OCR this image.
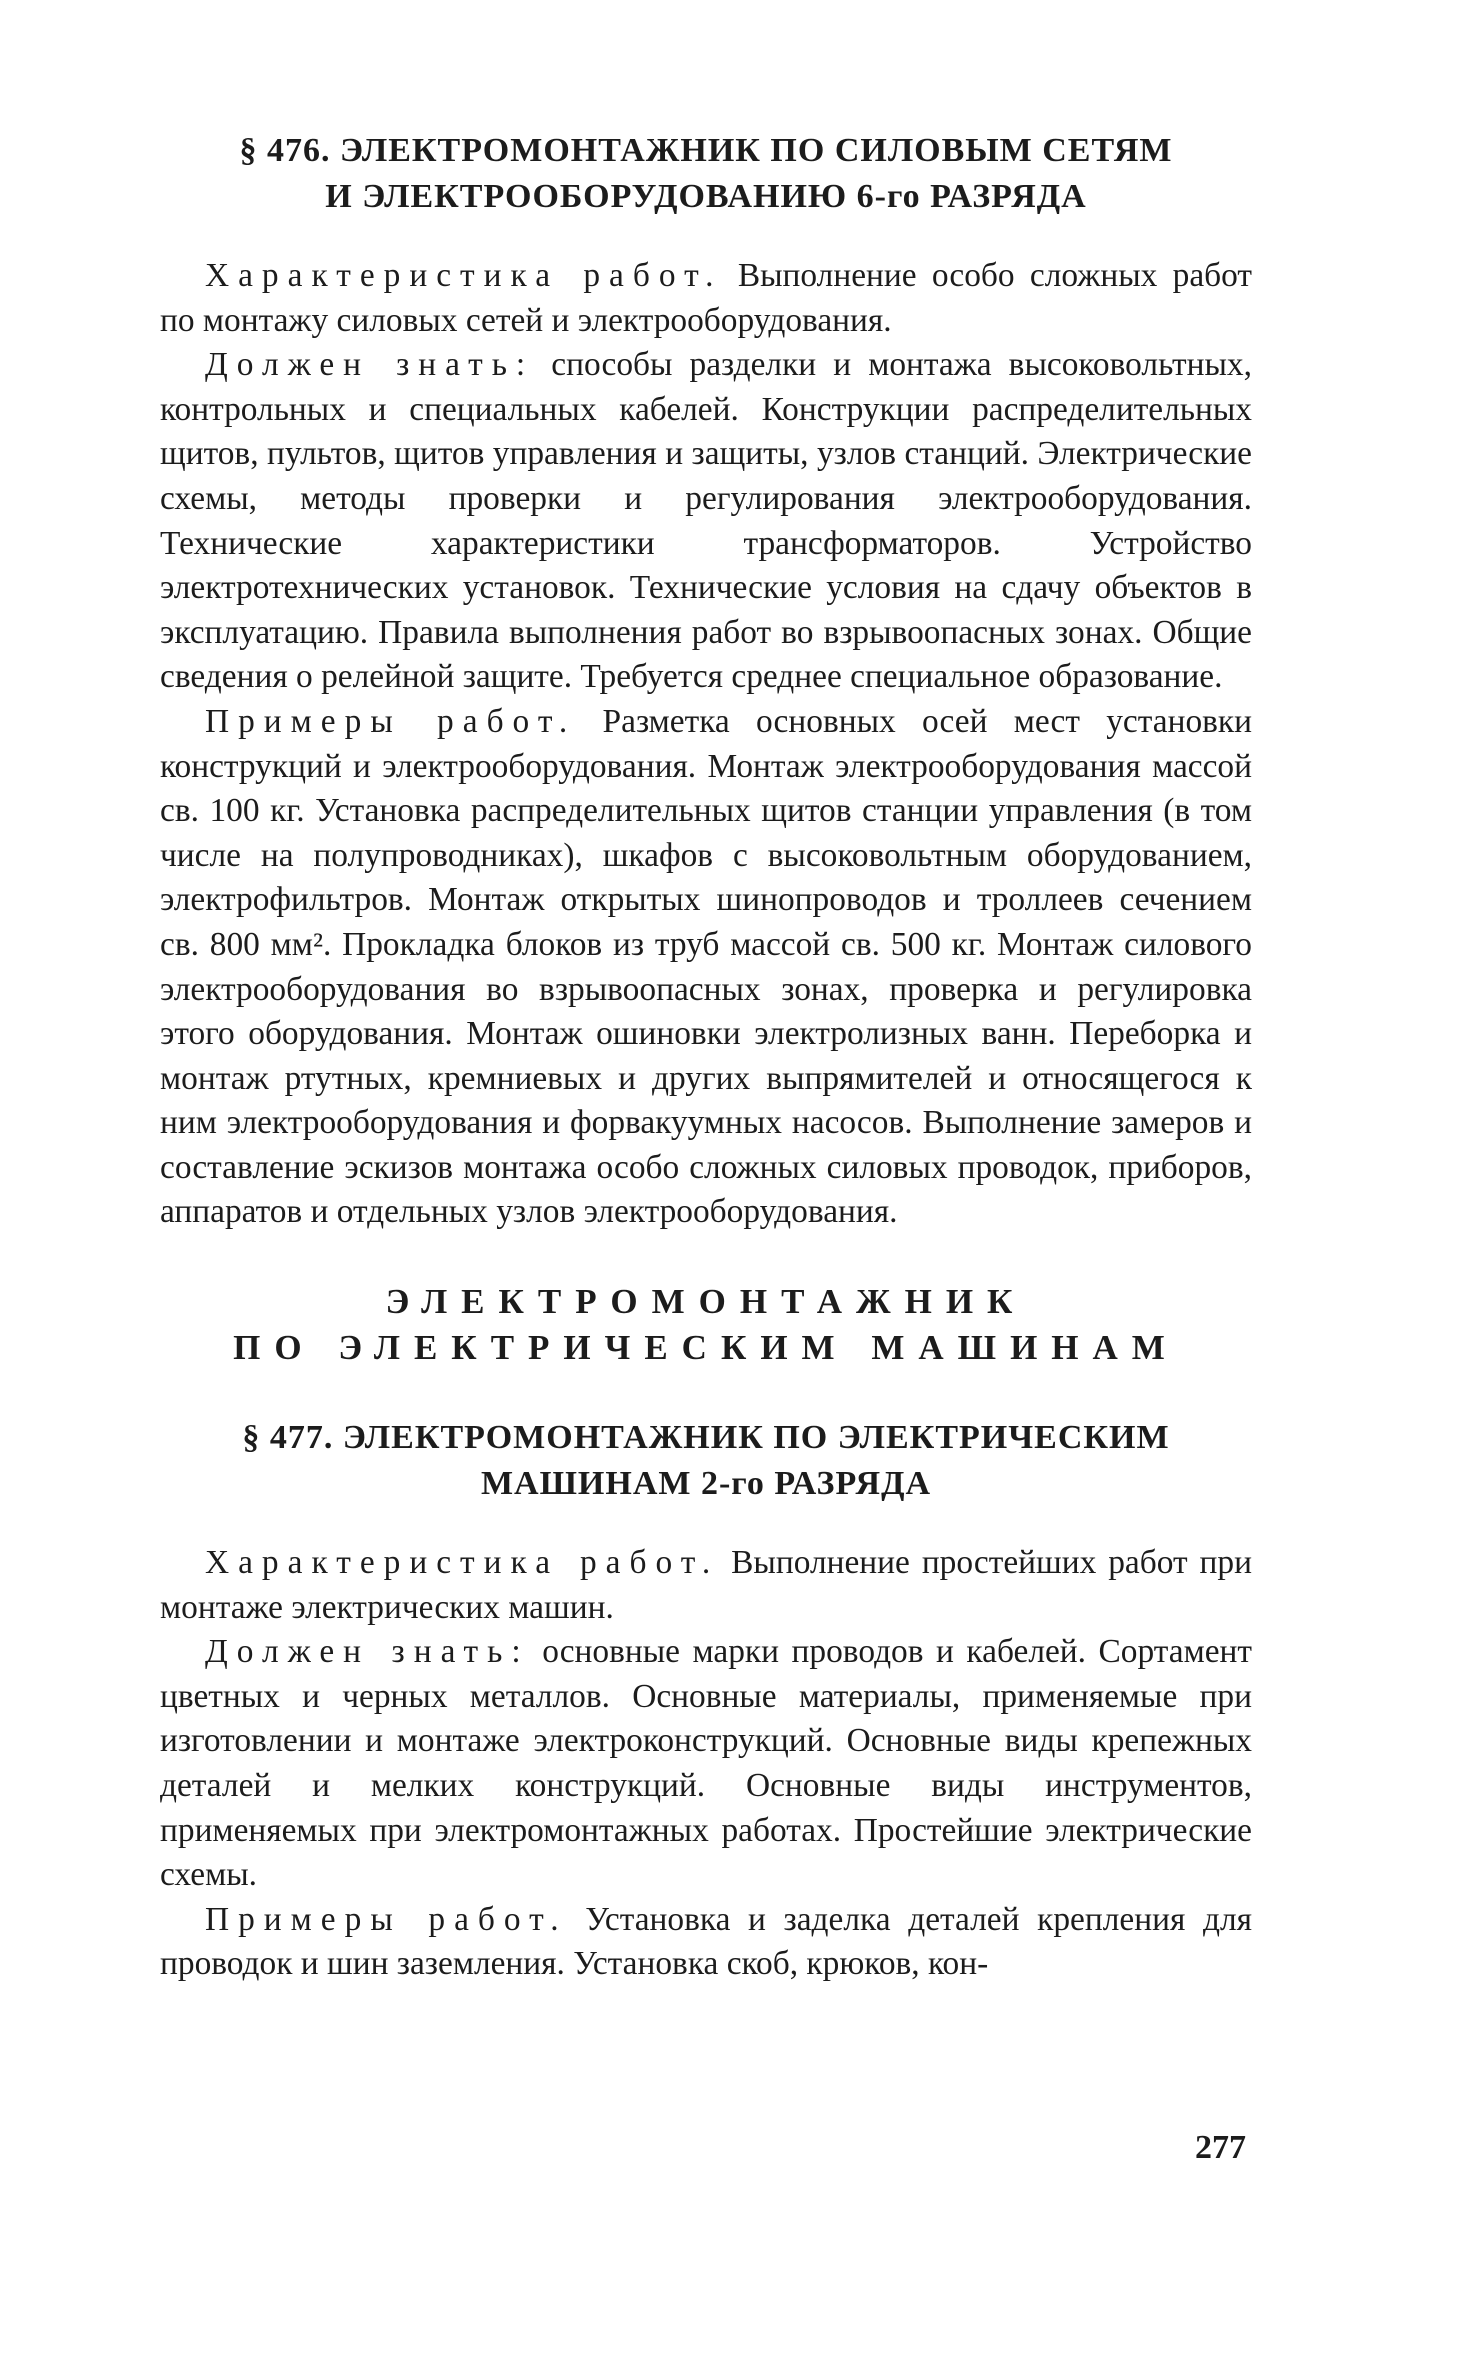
§ 476. ЭЛЕКТРОМОНТАЖНИК ПО СИЛОВЫМ СЕТЯМ
И ЭЛЕКТРООБОРУДОВАНИЮ 6-го РАЗРЯДА

Характеристика работ. Выполнение особо сложных работ по монтажу силовых сетей и электрооборудования.

Должен знать: способы разделки и монтажа высоковольтных, контрольных и специальных кабелей. Конструкции распределительных щитов, пультов, щитов управления и защиты, узлов станций. Электрические схемы, методы проверки и регулирования электрооборудования. Технические характеристики трансформаторов. Устройство электротехнических установок. Технические условия на сдачу объектов в эксплуатацию. Правила выполнения работ во взрывоопасных зонах. Общие сведения о релейной защите. Требуется среднее специальное образование.

Примеры работ. Разметка основных осей мест установки конструкций и электрооборудования. Монтаж электрооборудования массой св. 100 кг. Установка распределительных щитов станции управления (в том числе на полупроводниках), шкафов с высоковольтным оборудованием, электрофильтров. Монтаж открытых шинопроводов и троллеев сечением св. 800 мм². Прокладка блоков из труб массой св. 500 кг. Монтаж силового электрооборудования во взрывоопасных зонах, проверка и регулировка этого оборудования. Монтаж ошиновки электролизных ванн. Переборка и монтаж ртутных, кремниевых и других выпрямителей и относящегося к ним электрооборудования и форвакуумных насосов. Выполнение замеров и составление эскизов монтажа особо сложных силовых проводок, приборов, аппаратов и отдельных узлов электрооборудования.

ЭЛЕКТРОМОНТАЖНИК
ПО ЭЛЕКТРИЧЕСКИМ МАШИНАМ
§ 477. ЭЛЕКТРОМОНТАЖНИК ПО ЭЛЕКТРИЧЕСКИМ
МАШИНАМ 2-го РАЗРЯДА

Характеристика работ. Выполнение простейших работ при монтаже электрических машин.

Должен знать: основные марки проводов и кабелей. Сортамент цветных и черных металлов. Основные материалы, применяемые при изготовлении и монтаже электроконструкций. Основные виды крепежных деталей и мелких конструкций. Основные виды инструментов, применяемых при электромонтажных работах. Простейшие электрические схемы.

Примеры работ. Установка и заделка деталей крепления для проводок и шин заземления. Установка скоб, крюков, кон-

277
